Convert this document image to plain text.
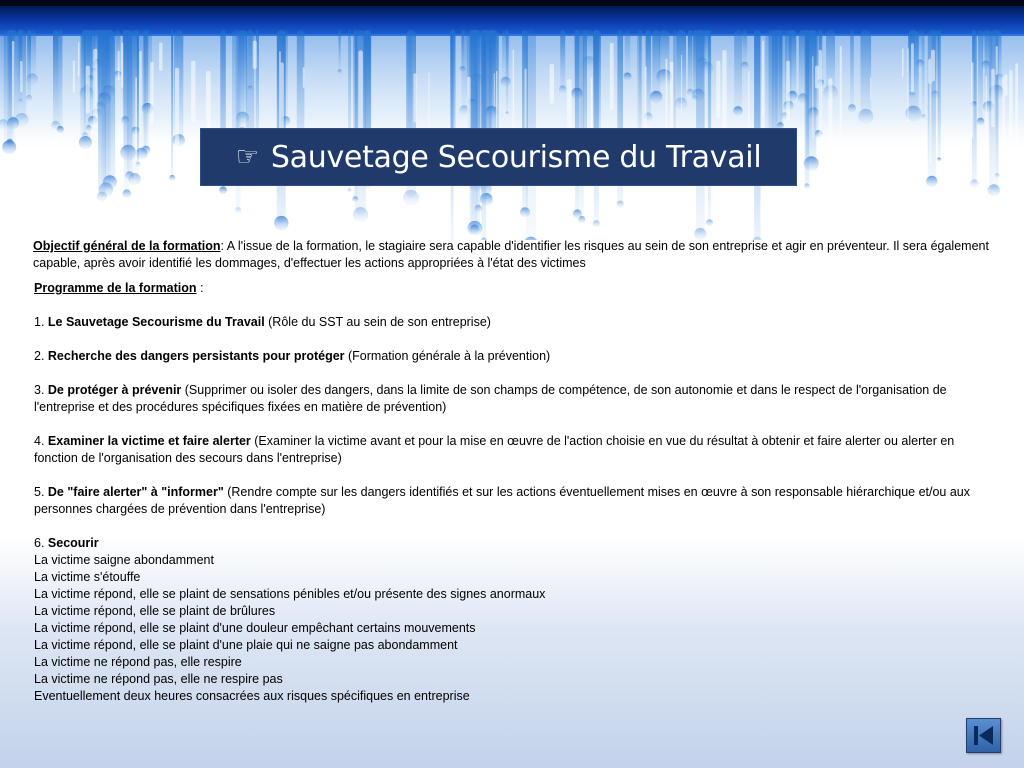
☞ Sauvetage Secourisme du Travail
Objectif général de la formation: A l'issue de la formation, le stagiaire sera capable d'identifier les risques au sein de son entreprise et agir en préventeur. Il sera également capable, après avoir identifié les dommages, d'effectuer les actions appropriées à l'état des victimes

Programme de la formation :

1. Le Sauvetage Secourisme du Travail (Rôle du SST au sein de son entreprise)

2. Recherche des dangers persistants pour protéger (Formation générale à la prévention)

3. De protéger à prévenir (Supprimer ou isoler des dangers, dans la limite de son champs de compétence, de son autonomie et dans le respect de l'organisation de l'entreprise et des procédures spécifiques fixées en matière de prévention)

4. Examiner la victime et faire alerter (Examiner la victime avant et pour la mise en œuvre de l'action choisie en vue du résultat à obtenir et faire alerter ou alerter en fonction de l'organisation des secours dans l'entreprise)

5. De "faire alerter" à "informer" (Rendre compte sur les dangers identifiés et sur les actions éventuellement mises en œuvre à son responsable hiérarchique et/ou aux personnes chargées de prévention dans l'entreprise)

6. Secourir

La victime saigne abondamment

La victime s'étouffe

La victime répond, elle se plaint de sensations pénibles et/ou présente des signes anormaux

La victime répond, elle se plaint de brûlures

La victime répond, elle se plaint d'une douleur empêchant certains mouvements

La victime répond, elle se plaint d'une plaie qui ne saigne pas abondamment

La victime ne répond pas, elle respire

La victime ne répond pas, elle ne respire pas

Eventuellement deux heures consacrées aux risques spécifiques en entreprise
